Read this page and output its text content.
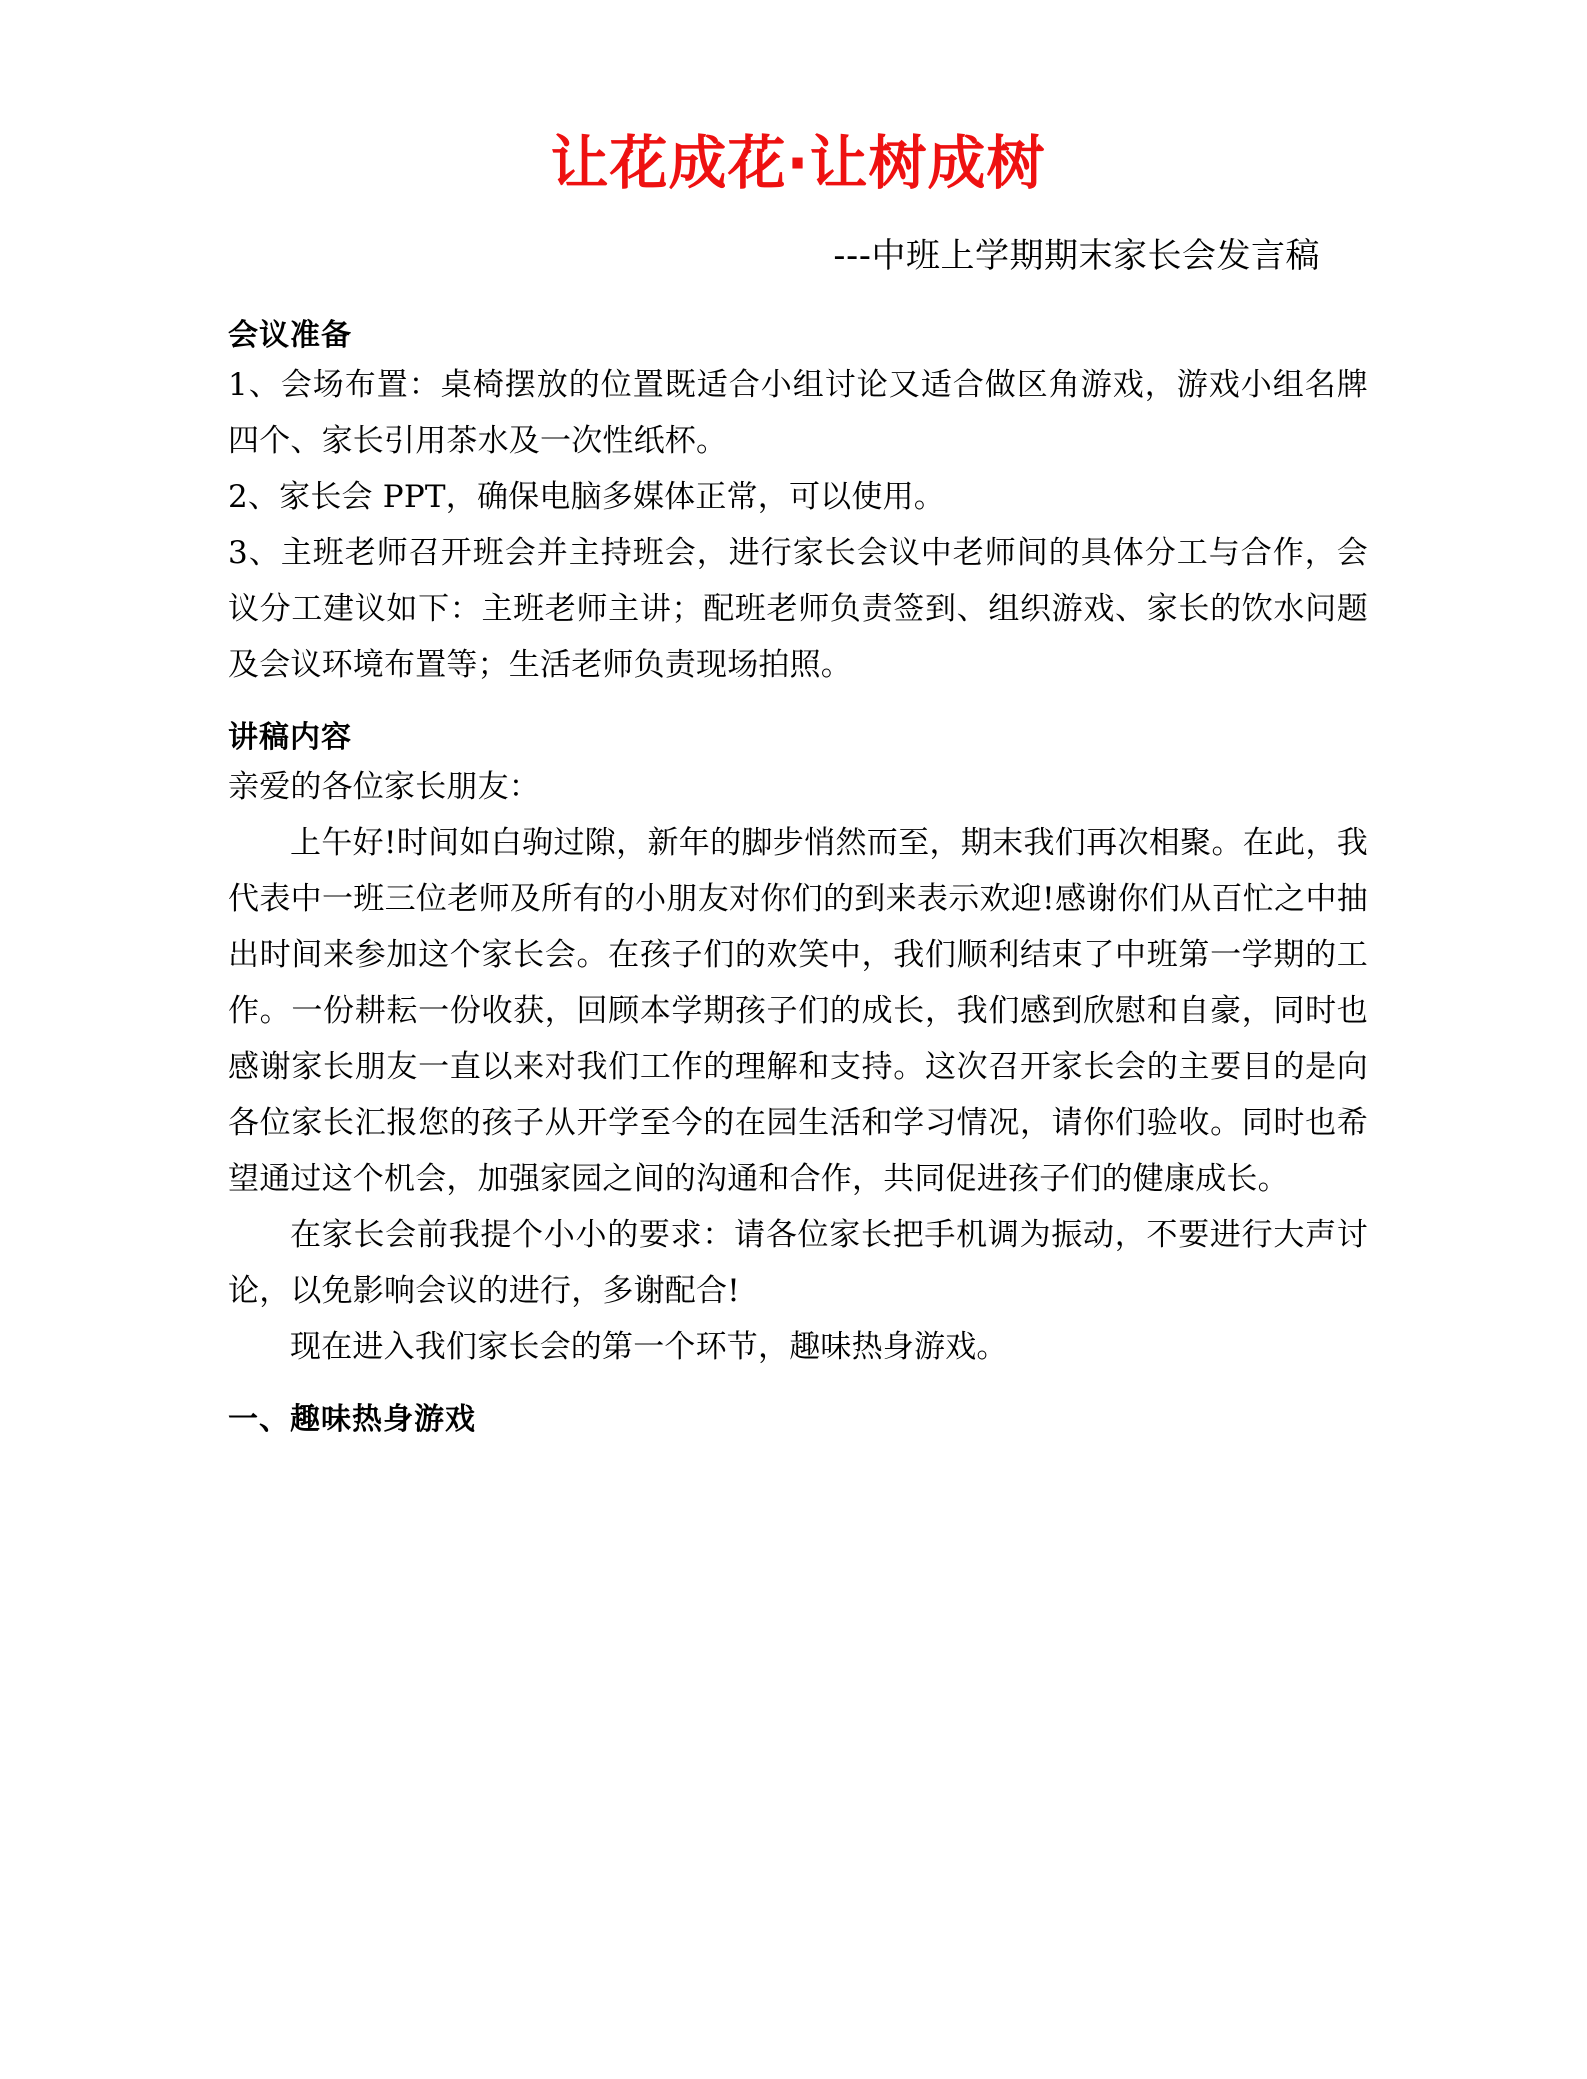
让花成花·让树成树
---中班上学期期末家长会发言稿
会议准备

1、会场布置：桌椅摆放的位置既适合小组讨论又适合做区角游戏，游戏小组名牌四个、家长引用茶水及一次性纸杯。

2、家长会 PPT，确保电脑多媒体正常，可以使用。

3、主班老师召开班会并主持班会，进行家长会议中老师间的具体分工与合作，会议分工建议如下：主班老师主讲；配班老师负责签到、组织游戏、家长的饮水问题及会议环境布置等；生活老师负责现场拍照。

讲稿内容

亲爱的各位家长朋友：

上午好!时间如白驹过隙，新年的脚步悄然而至，期末我们再次相聚。在此，我代表中一班三位老师及所有的小朋友对你们的到来表示欢迎!感谢你们从百忙之中抽出时间来参加这个家长会。在孩子们的欢笑中，我们顺利结束了中班第一学期的工作。一份耕耘一份收获，回顾本学期孩子们的成长，我们感到欣慰和自豪，同时也感谢家长朋友一直以来对我们工作的理解和支持。这次召开家长会的主要目的是向各位家长汇报您的孩子从开学至今的在园生活和学习情况，请你们验收。同时也希望通过这个机会，加强家园之间的沟通和合作，共同促进孩子们的健康成长。

在家长会前我提个小小的要求：请各位家长把手机调为振动，不要进行大声讨论，以免影响会议的进行，多谢配合!

现在进入我们家长会的第一个环节，趣味热身游戏。

一、趣味热身游戏
